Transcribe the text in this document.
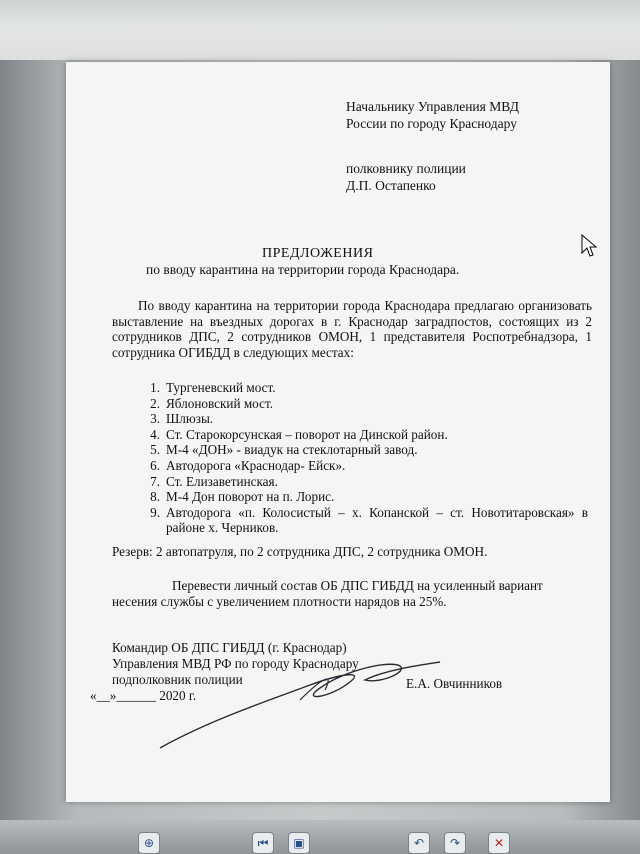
Начальнику Управления МВД
России по городу Краснодару
полковнику полиции
Д.П. Остапенко
ПРЕДЛОЖЕНИЯ
по вводу карантина на территории города Краснодара.
По вводу карантина на территории города Краснодара предлагаю организовать выставление на въездных дорогах в г. Краснодар заградпостов, состоящих из 2 сотрудников ДПС, 2 сотрудников ОМОН, 1 представителя Роспотребнадзора, 1 сотрудника ОГИБДД в следующих местах:
1. Тургеневский мост.
2. Яблоновский мост.
3. Шлюзы.
4. Ст. Старокорсунская – поворот на Динской район.
5. М-4 «ДОН» - виадук на стеклотарный завод.
6. Автодорога «Краснодар- Ейск».
7. Ст. Елизаветинская.
8. М-4 Дон поворот на п. Лорис.
9. Автодорога «п. Колосистый – х. Копанской – ст. Новотитаровская» в районе х. Черников.
Резерв: 2 автопатруля, по 2 сотрудника ДПС, 2 сотрудника ОМОН.
Перевести личный состав ОБ ДПС ГИБДД на усиленный вариант
несения службы с увеличением плотности нарядов на 25%.
Командир ОБ ДПС ГИБДД (г. Краснодар)
Управления МВД РФ по городу Краснодару
подполковник полиции
«__»______ 2020 г.
Е.А. Овчинников
⊕	⏮	▣	↶	↷	✕
